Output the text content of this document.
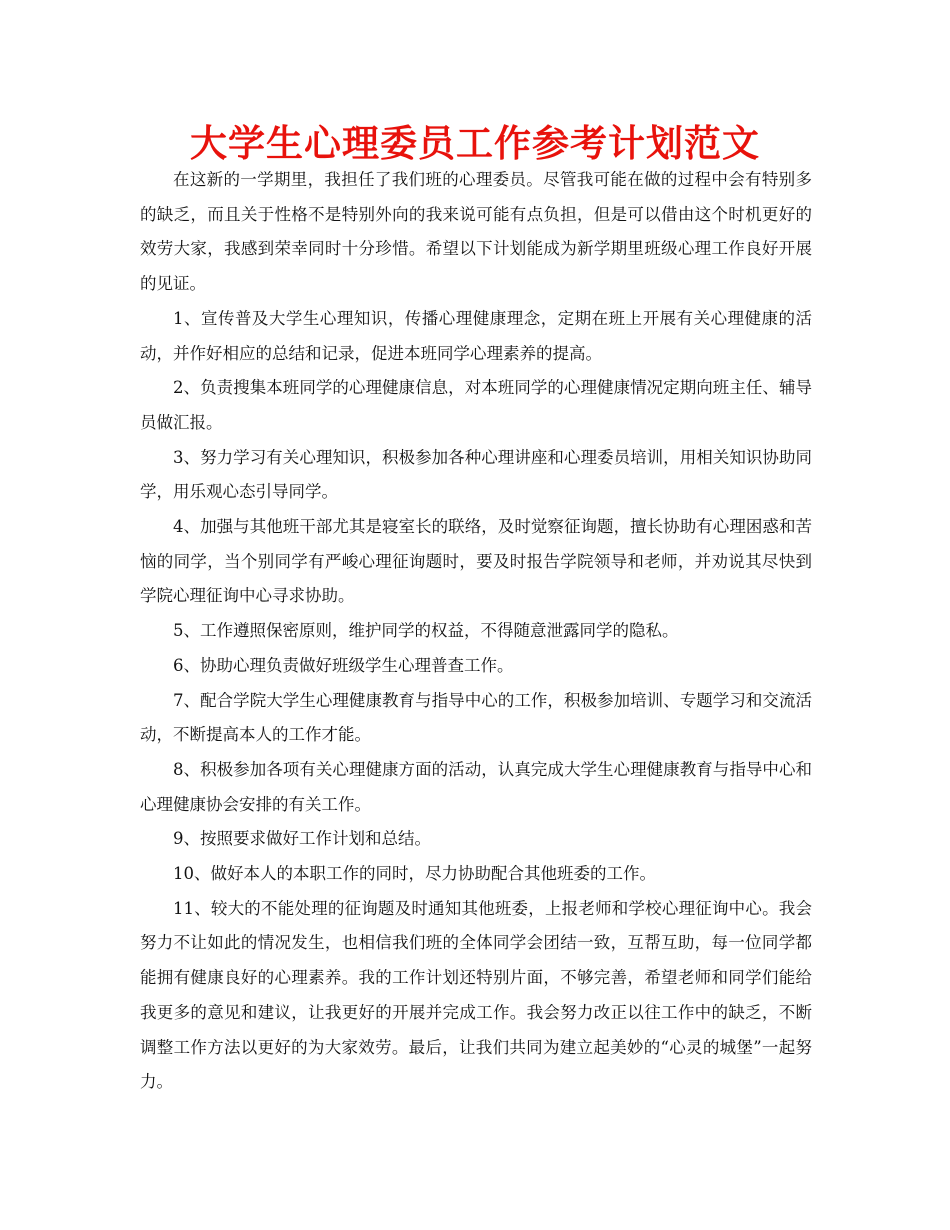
大学生心理委员工作参考计划范文

在这新的一学期里，我担任了我们班的心理委员。尽管我可能在做的过程中会有特别多的缺乏，而且关于性格不是特别外向的我来说可能有点负担，但是可以借由这个时机更好的效劳大家，我感到荣幸同时十分珍惜。希望以下计划能成为新学期里班级心理工作良好开展的见证。

1、宣传普及大学生心理知识，传播心理健康理念，定期在班上开展有关心理健康的活动，并作好相应的总结和记录，促进本班同学心理素养的提高。

2、负责搜集本班同学的心理健康信息，对本班同学的心理健康情况定期向班主任、辅导员做汇报。

3、努力学习有关心理知识，积极参加各种心理讲座和心理委员培训，用相关知识协助同学，用乐观心态引导同学。

4、加强与其他班干部尤其是寝室长的联络，及时觉察征询题，擅长协助有心理困惑和苦恼的同学，当个别同学有严峻心理征询题时，要及时报告学院领导和老师，并劝说其尽快到学院心理征询中心寻求协助。

5、工作遵照保密原则，维护同学的权益，不得随意泄露同学的隐私。

6、协助心理负责做好班级学生心理普查工作。

7、配合学院大学生心理健康教育与指导中心的工作，积极参加培训、专题学习和交流活动，不断提高本人的工作才能。

8、积极参加各项有关心理健康方面的活动，认真完成大学生心理健康教育与指导中心和心理健康协会安排的有关工作。

9、按照要求做好工作计划和总结。

10、做好本人的本职工作的同时，尽力协助配合其他班委的工作。

11、较大的不能处理的征询题及时通知其他班委，上报老师和学校心理征询中心。我会努力不让如此的情况发生，也相信我们班的全体同学会团结一致，互帮互助，每一位同学都能拥有健康良好的心理素养。我的工作计划还特别片面，不够完善，希望老师和同学们能给我更多的意见和建议，让我更好的开展并完成工作。我会努力改正以往工作中的缺乏，不断调整工作方法以更好的为大家效劳。最后，让我们共同为建立起美妙的“心灵的城堡”一起努力。
